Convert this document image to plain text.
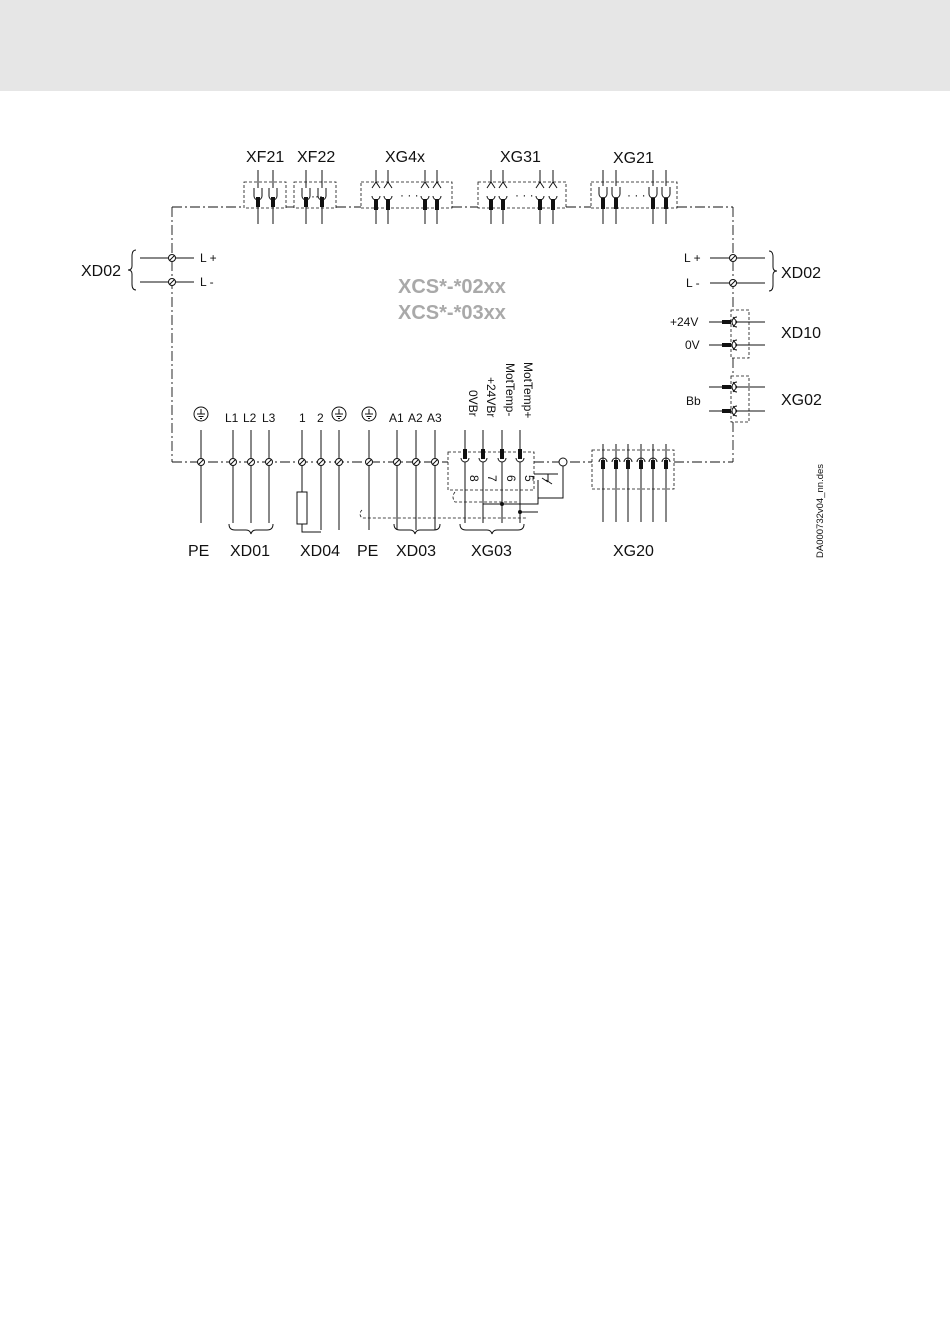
XCS*-*02xx
XCS*-*03xx
···	· · ·	· · ·	· · ·
XF21 XF22	XG4x	XG31	XG21
L +
L -
XD02
L +
L -
XD02
+24V
0V
XD10
Bb	XG02
L1 L2 L3 1 2	A1 A2 A3
0VBr +24VBr MotTemp- MotTemp+
8 7 6 5
PE XD01 XD04 PE XD03 XG03	XG20	DA000732v04_nn.des
